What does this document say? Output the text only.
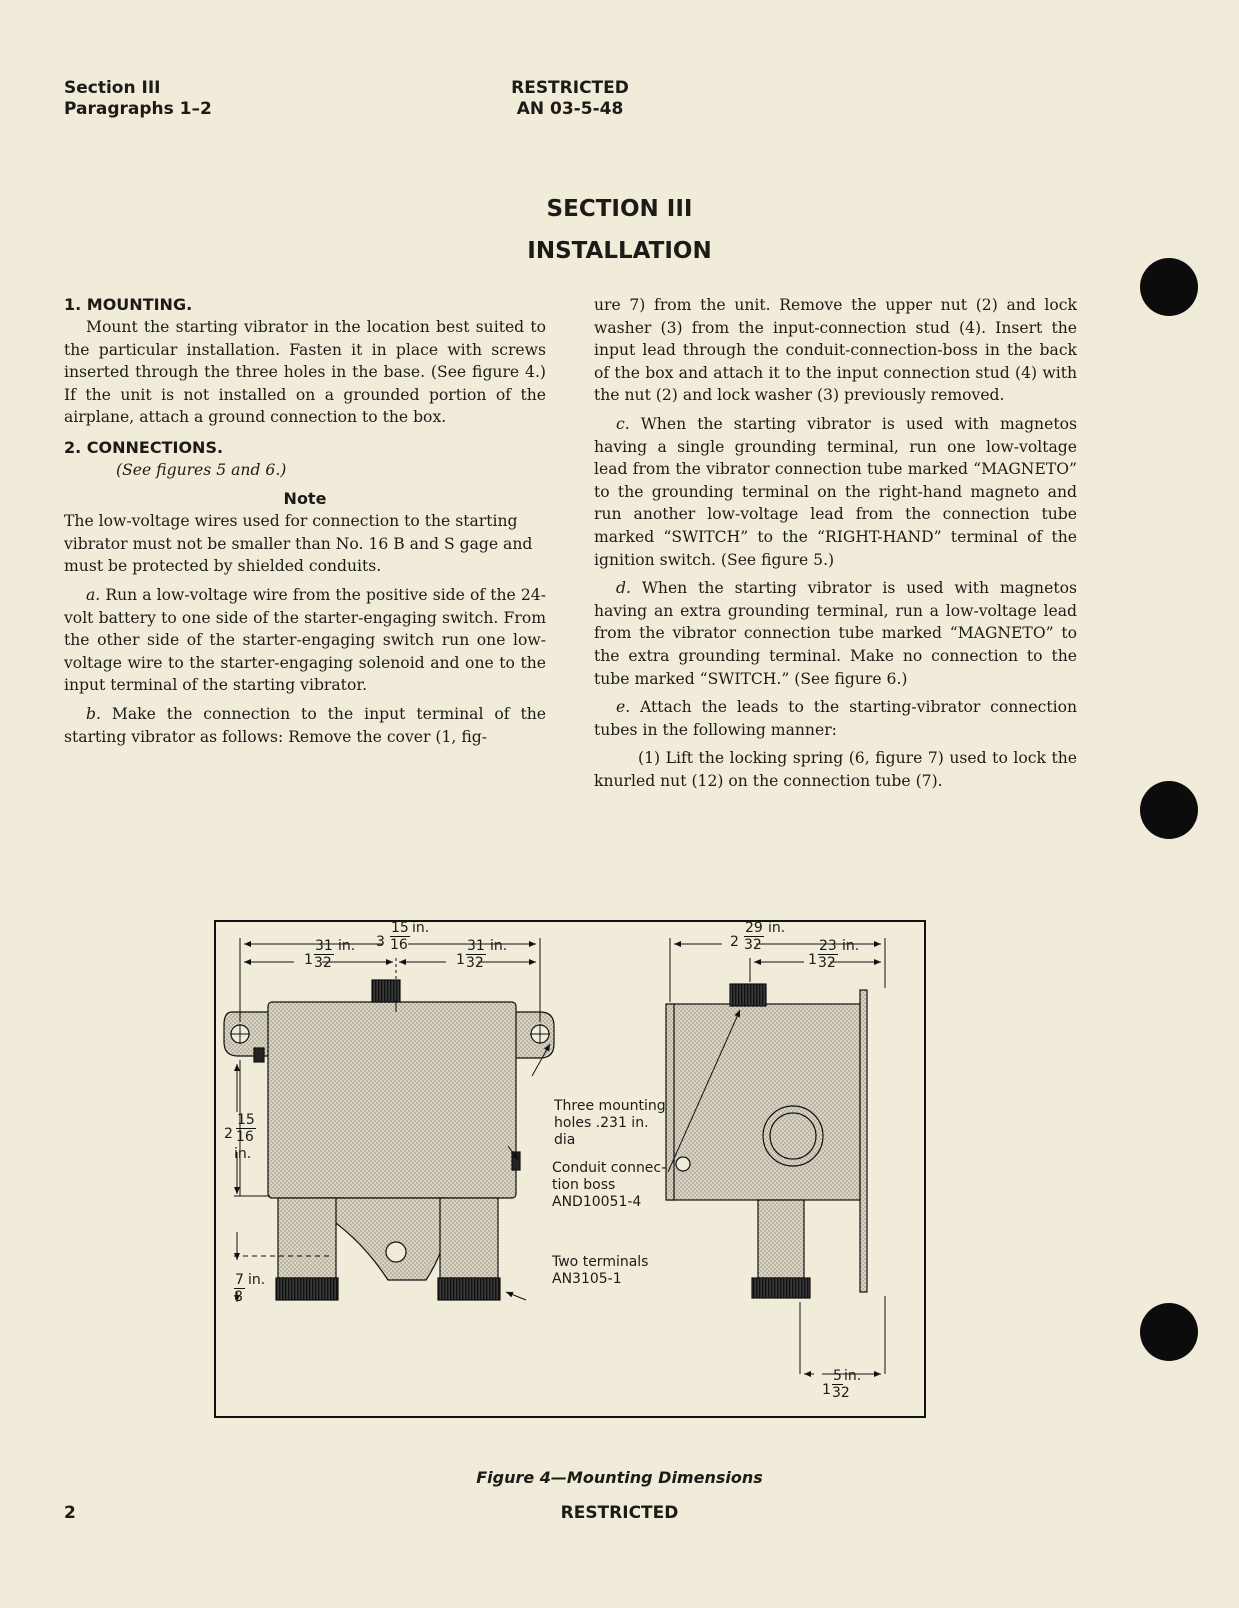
Section III
Paragraphs 1–2
RESTRICTED
AN 03-5-48
SECTION III
INSTALLATION

1. MOUNTING.

Mount the starting vibrator in the location best suited to the particular installation. Fasten it in place with screws inserted through the three holes in the base. (See figure 4.) If the unit is not installed on a grounded portion of the airplane, attach a ground connection to the box.

2. CONNECTIONS.

(See figures 5 and 6.)

Note

The low-voltage wires used for connection to the starting vibrator must not be smaller than No. 16 B and S gage and must be protected by shielded conduits.

a. Run a low-voltage wire from the positive side of the 24-volt battery to one side of the starter-engaging switch. From the other side of the starter-engaging switch run one low-voltage wire to the starter-engaging solenoid and one to the input terminal of the starting vibrator.

b. Make the connection to the input terminal of the starting vibrator as follows: Remove the cover (1, fig-

ure 7) from the unit. Remove the upper nut (2) and lock washer (3) from the input-connection stud (4). Insert the input lead through the conduit-connection-boss in the back of the box and attach it to the input connection stud (4) with the nut (2) and lock washer (3) previously removed.

c. When the starting vibrator is used with magnetos having a single grounding terminal, run one low-voltage lead from the vibrator connection tube marked “MAGNETO” to the grounding terminal on the right-hand magneto and run another low-voltage lead from the connection tube marked “SWITCH” to the “RIGHT-HAND” terminal of the ignition switch. (See figure 5.)

d. When the starting vibrator is used with magnetos having an extra grounding terminal, run a low-voltage lead from the vibrator connection tube marked “MAGNETO” to the extra grounding terminal. Make no connection to the tube marked “SWITCH.” (See figure 6.)

e. Attach the leads to the starting-vibrator connection tubes in the following manner:

(1) Lift the locking spring (6, figure 7) used to lock the knurled nut (12) on the connection tube (7).

3
15
16
in.
1
31
32
in.
1
31
32
in.
2
15
16
in.
7
8
in.
2
29
32
in.
1
23
32
in.
1
5
32
in.
Three mounting
holes .231 in.
dia
Conduit connec-
tion boss
AND10051-4
Two terminals
AN3105-1
Figure 4—Mounting Dimensions
2	RESTRICTED
